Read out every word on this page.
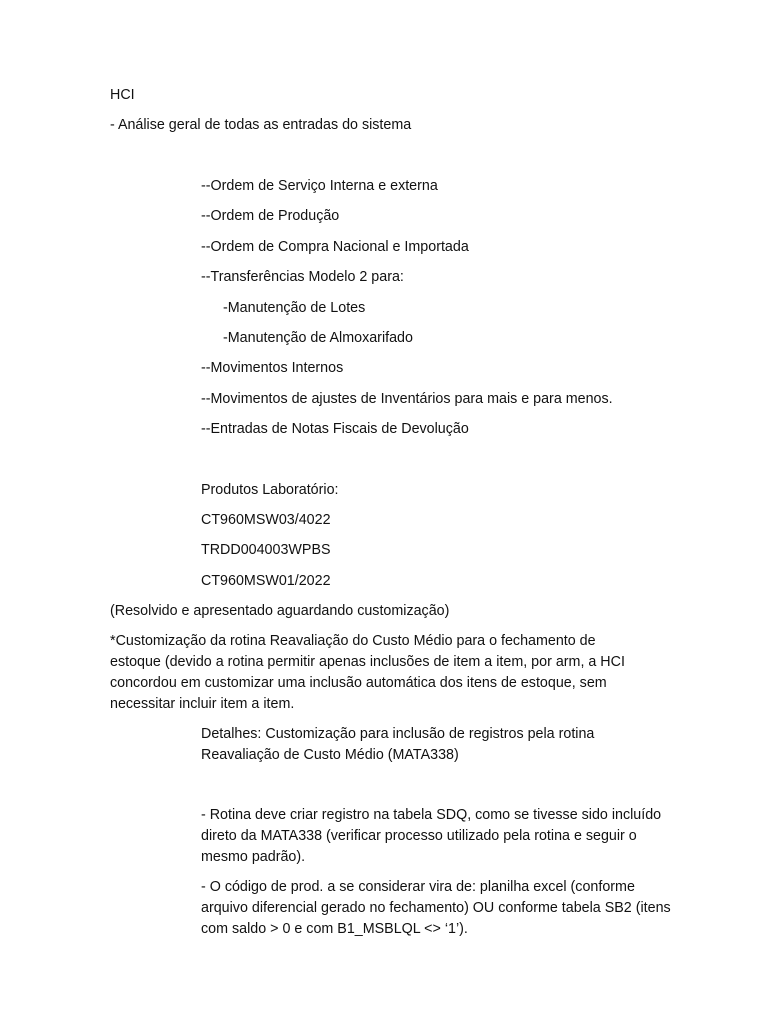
HCI
- Análise geral de todas as entradas do sistema
--Ordem de Serviço Interna e externa
--Ordem de Produção
--Ordem de Compra Nacional e Importada
--Transferências Modelo 2 para:
-Manutenção de Lotes
-Manutenção de Almoxarifado
--Movimentos Internos
--Movimentos de ajustes de Inventários para mais e para menos.
--Entradas de Notas Fiscais de Devolução
Produtos Laboratório:
CT960MSW03/4022
TRDD004003WPBS
CT960MSW01/2022
(Resolvido e apresentado aguardando customização)
*Customização da rotina Reavaliação do Custo Médio para o fechamento de estoque (devido a rotina permitir apenas inclusões de item a item, por arm, a HCI concordou em customizar uma inclusão automática dos itens de estoque, sem necessitar incluir item a item.
Detalhes: Customização para inclusão de registros pela rotina Reavaliação de Custo Médio (MATA338)
- Rotina deve criar registro na tabela SDQ, como se tivesse sido incluído direto da MATA338 (verificar processo utilizado pela rotina e seguir o mesmo padrão).
- O código de prod. a se considerar vira de: planilha excel (conforme arquivo diferencial gerado no fechamento) OU conforme tabela SB2 (itens com saldo > 0 e com B1_MSBLQL <> ‘1’).
